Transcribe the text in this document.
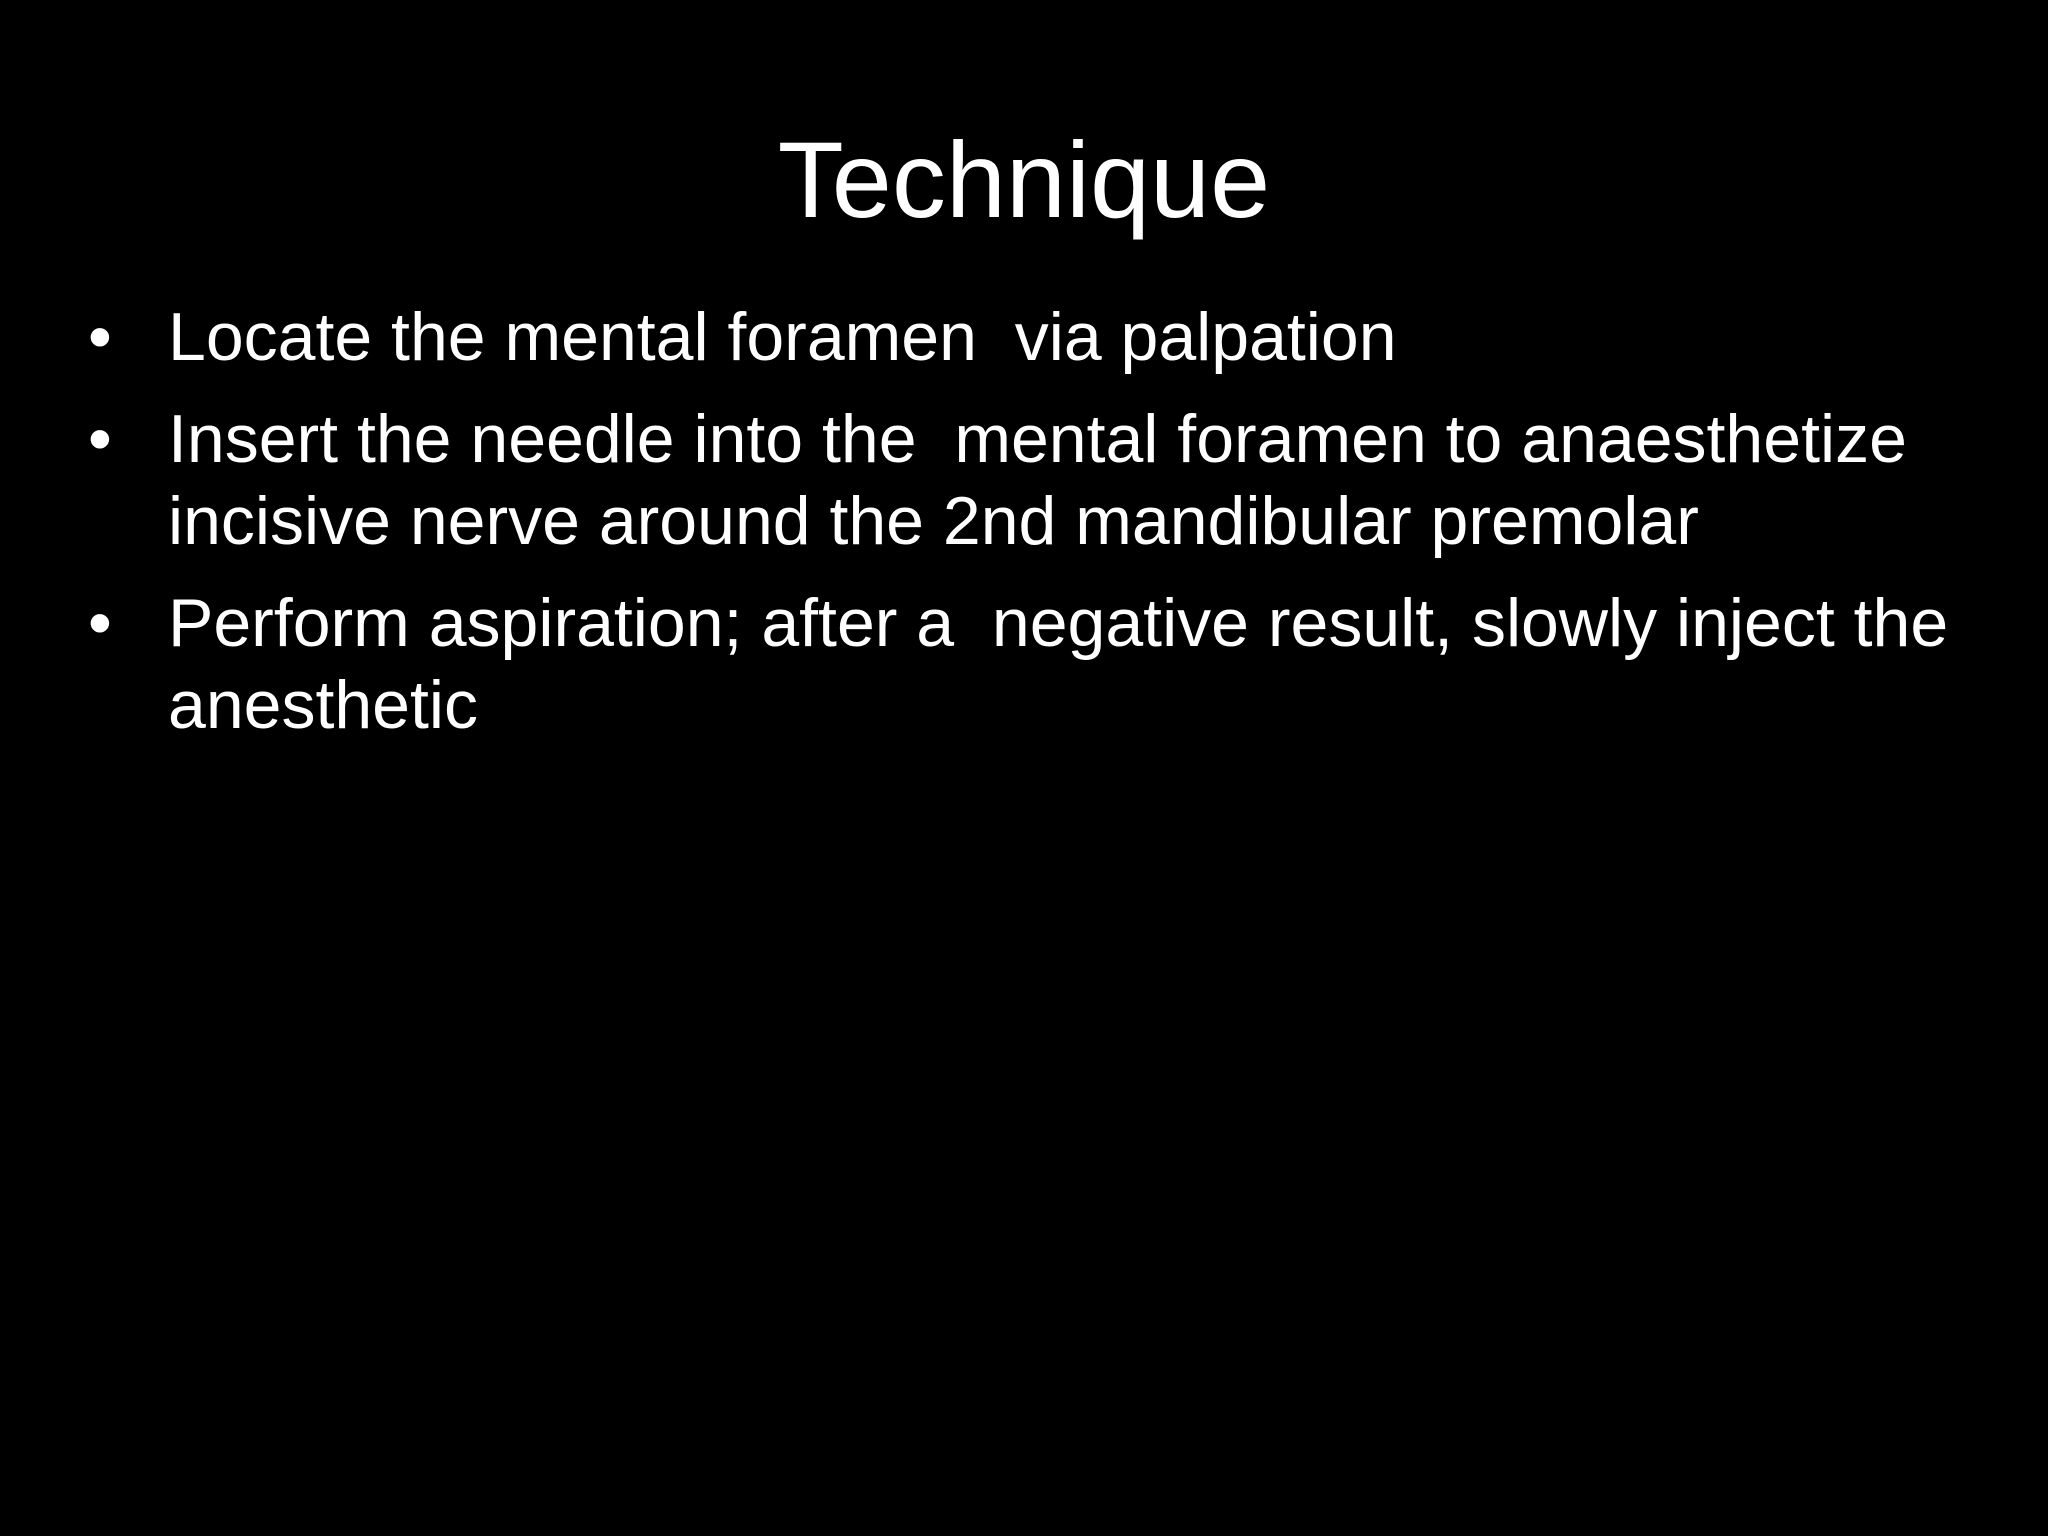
Technique
• Locate the mental foramen  via palpation
• Insert the needle into the  mental foramen to anaesthetize incisive nerve around the 2nd mandibular premolar
• Perform aspiration; after a  negative result, slowly inject the anesthetic
